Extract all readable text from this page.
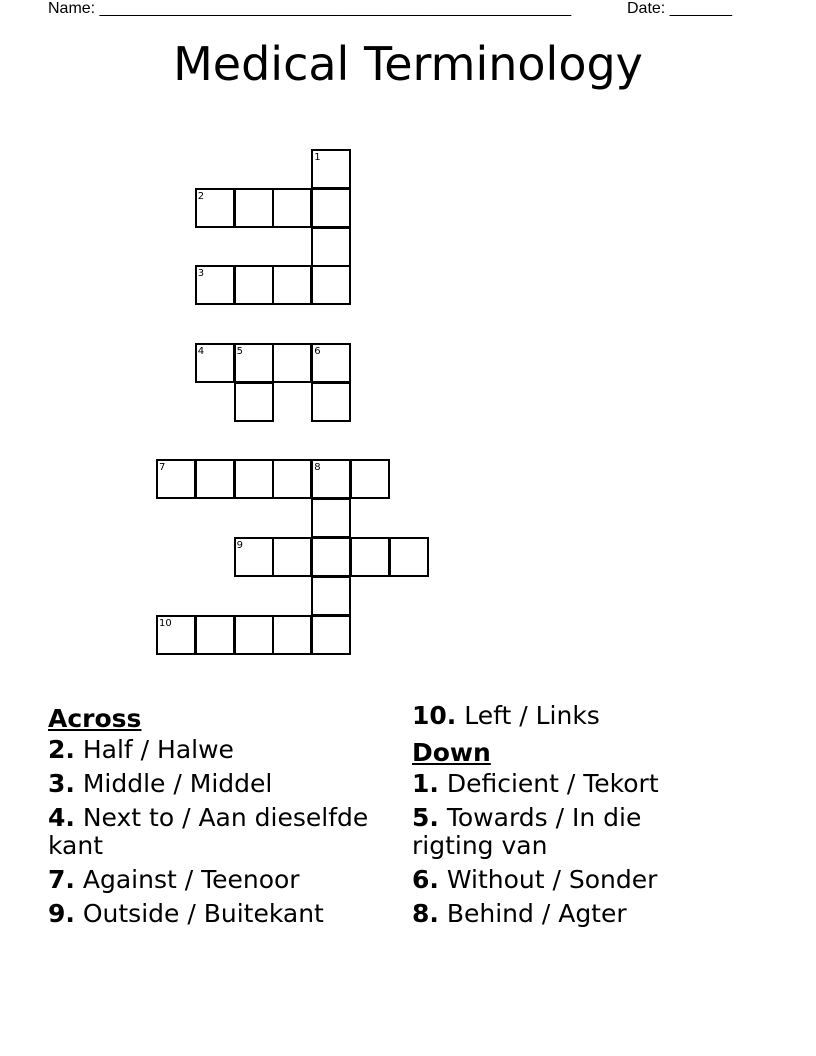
Name: _____________________________________________________	Date: _______
Medical Terminology
1
2
3
4	5	6
7	8
9
10
Across
2. Half / Halwe
3. Middle / Middel
4. Next to / Aan dieselfde kant
7. Against / Teenoor
9. Outside / Buitekant
10. Left / Links
Down
1. Deficient / Tekort
5. Towards / In die rigting van
6. Without / Sonder
8. Behind / Agter
